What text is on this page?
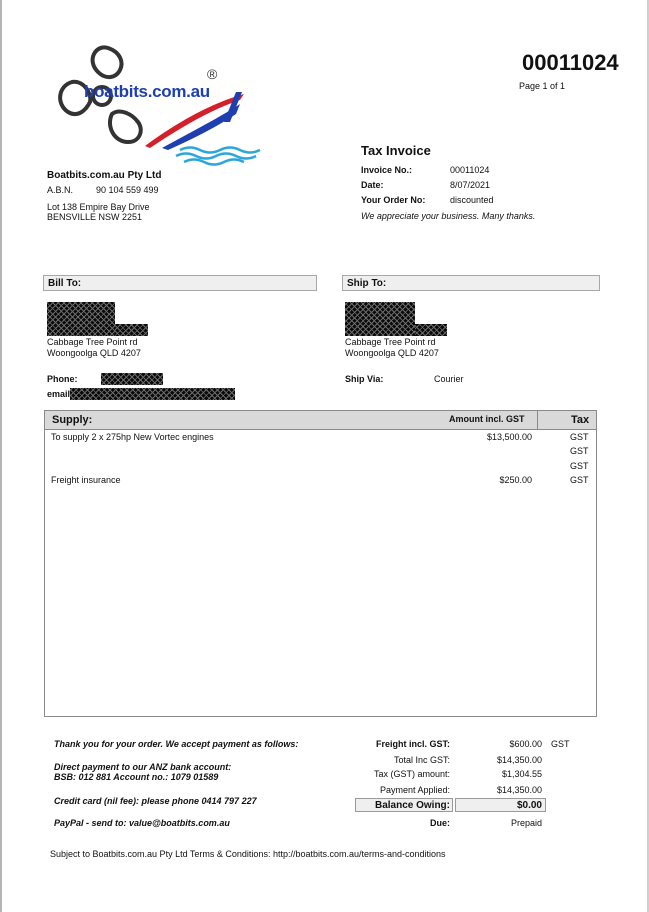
00011024
Page 1 of 1
boatbits.com.au
®
Boatbits.com.au Pty Ltd
A.B.N.	90 104 559 499
Lot 138 Empire Bay Drive
BENSVILLE NSW 2251
Tax Invoice
Invoice No.:	00011024
Date:	8/07/2021
Your Order No:	discounted
We appreciate your business. Many thanks.
Bill To:
Cabbage Tree Point rd
Woongoolga QLD 4207
Phone:
email
Ship To:
Cabbage Tree Point rd
Woongoolga QLD 4207
Ship Via:	Courier
Supply:	Amount incl. GST	Tax
To supply 2 x 275hp New Vortec engines	$13,500.00	GST
GST
GST
Freight insurance	$250.00	GST
Thank you for your order. We accept payment as follows:
Direct payment to our ANZ bank account:
BSB: 012 881 Account no.: 1079 01589
Credit card (nil fee): please phone 0414 797 227
PayPal - send to: value@boatbits.com.au
Freight incl. GST:	$600.00 GST
Total Inc GST:	$14,350.00
Tax (GST) amount:	$1,304.55
Payment Applied:	$14,350.00
Balance Owing:	$0.00
Due:	Prepaid
Subject to Boatbits.com.au Pty Ltd Terms & Conditions: http://boatbits.com.au/terms-and-conditions
